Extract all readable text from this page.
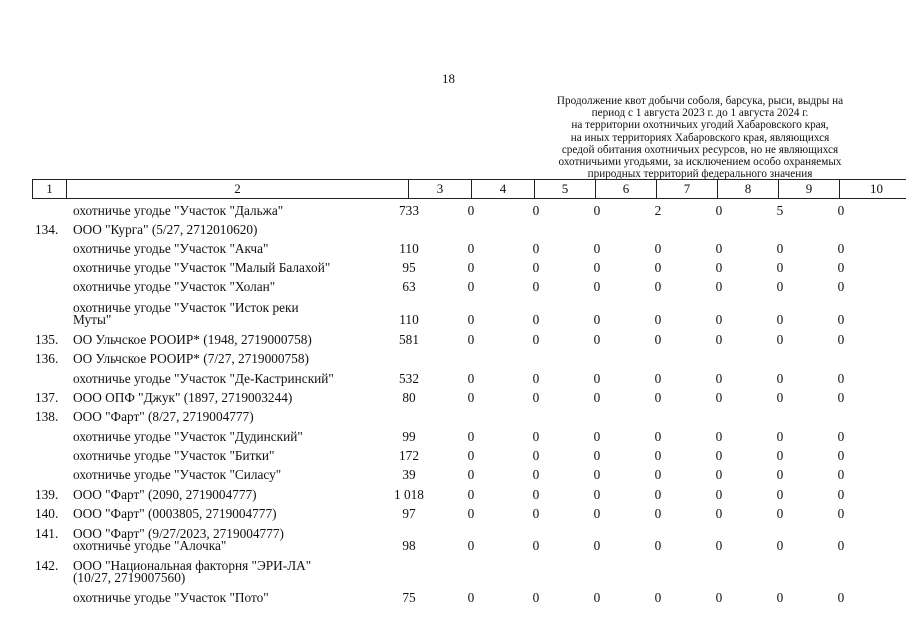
18
Продолжение квот добычи соболя, барсука, рыси, выдры на
период с 1 августа 2023 г. до 1 августа 2024 г.
на территории охотничьих угодий Хабаровского края,
на иных территориях Хабаровского края, являющихся
средой обитания охотничьих ресурсов, но не являющихся
охотничьими угодьями, за исключением особо охраняемых
природных территорий федерального значения
1	2	3	4	5	6	7	8	9	10
охотничье угодье "Участок "Дальжа"	733	0	0	0	2	0	5	0
134. ООО "Курга" (5/27, 2712010620)
охотничье угодье "Участок "Акча"	110	0	0	0	0	0	0	0
охотничье угодье "Участок "Малый Балахой"	95	0	0	0	0	0	0	0
охотничье угодье "Участок "Холан"	63	0	0	0	0	0	0	0
охотничье угодье "Участок "Исток реки
Муты"	110	0	0	0	0	0	0	0
135. ОО Ульчское РООИР* (1948, 2719000758)	581	0	0	0	0	0	0	0
136. ОО Ульчское РООИР* (7/27, 2719000758)
охотничье угодье "Участок "Де-Кастринский"	532	0	0	0	0	0	0	0
137. ООО ОПФ "Джук" (1897, 2719003244)	80	0	0	0	0	0	0	0
138. ООО "Фарт" (8/27, 2719004777)
охотничье угодье "Участок "Дудинский"	99	0	0	0	0	0	0	0
охотничье угодье "Участок "Битки"	172	0	0	0	0	0	0	0
охотничье угодье "Участок "Силасу"	39	0	0	0	0	0	0	0
139. ООО "Фарт" (2090, 2719004777)	1 018	0	0	0	0	0	0	0
140. ООО "Фарт" (0003805, 2719004777)	97	0	0	0	0	0	0	0
141. ООО "Фарт" (9/27/2023, 2719004777)
охотничье угодье "Алочка"	98	0	0	0	0	0	0	0
142. ООО "Национальная факторня "ЭРИ-ЛА"
(10/27, 2719007560)
охотничье угодье "Участок "Пото"	75	0	0	0	0	0	0	0
